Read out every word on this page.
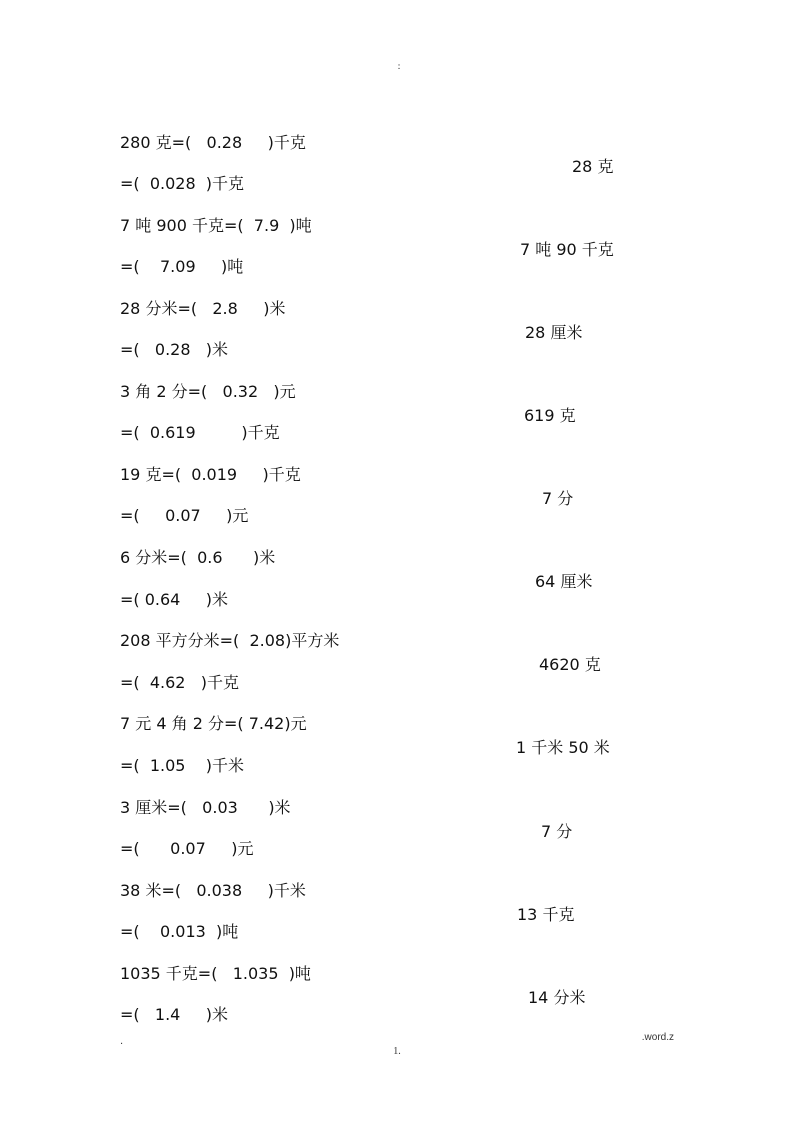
:

280 克=(   0.28     )千克

28 克

=(  0.028  )千克

7 吨 900 千克=(  7.9  )吨

7 吨 90 千克

=(    7.09     )吨

28 分米=(   2.8     )米

28 厘米

=(   0.28   )米

3 角 2 分=(   0.32   )元

619 克

=(  0.619         )千克

19 克=(  0.019     )千克

7 分

=(     0.07     )元

6 分米=(  0.6      )米

64 厘米

=( 0.64     )米

208 平方分米=(  2.08)平方米

4620 克

=(  4.62   )千克

7 元 4 角 2 分=( 7.42)元

1 千米 50 米

=(  1.05    )千米

3 厘米=(   0.03      )米

7 分

=(      0.07     )元

38 米=(   0.038     )千米

13 千克

=(    0.013  )吨

1035 千克=(   1.035  )吨

14 分米

=(   1.4     )米

.	.word.z
1.
